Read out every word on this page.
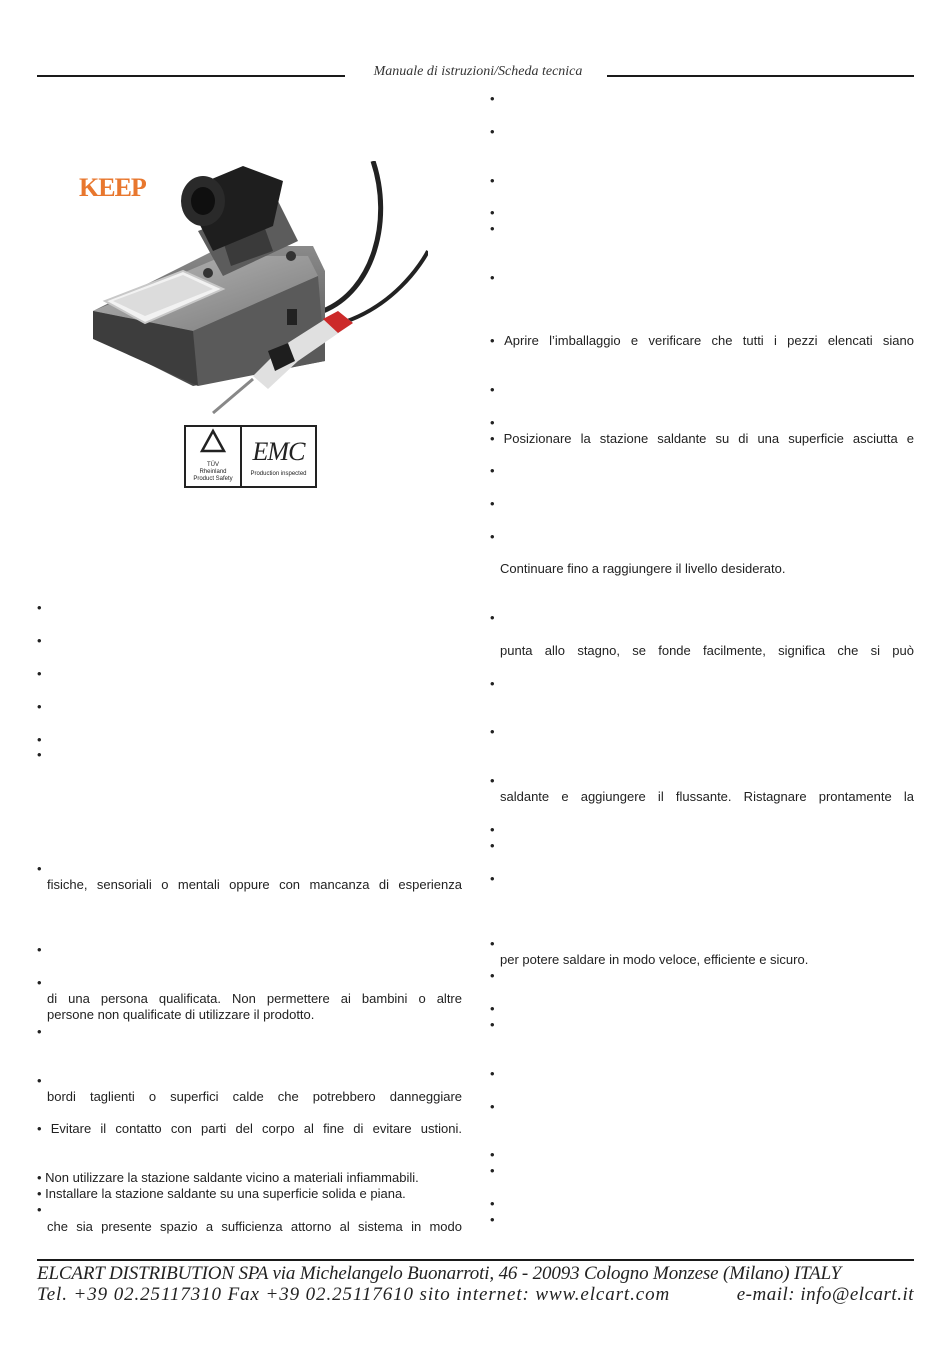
Manuale di istruzioni/Scheda tecnica
KEEP
TÜV
Rheinland
Product Safety
EMC
Production inspected
•
•
•
•
•
•
•
fisiche, sensoriali o mentali oppure con mancanza di esperienza
•
•
di una persona qualificata. Non permettere ai bambini o altre
persone non qualificate di utilizzare il prodotto.
•
•
bordi taglienti o superfici calde che potrebbero danneggiare
• Evitare il contatto con parti del corpo al fine di evitare ustioni.
• Non utilizzare la stazione saldante vicino a materiali infiammabili.
• Installare la stazione saldante su una superficie solida e piana.
•
che sia presente spazio a sufficienza attorno al sistema in modo
•
•
•
•
•
•
• Aprire l’imballaggio e verificare che tutti i pezzi elencati siano
•
•
• Posizionare la stazione saldante su di una superficie asciutta e
•
•
•
Continuare fino a raggiungere il livello desiderato.
•
punta allo stagno, se fonde facilmente, significa che si può
•
•
•
saldante e aggiungere il flussante. Ristagnare prontamente la
•
•
•
•
per potere saldare in modo veloce, efficiente e sicuro.
•
•
•
•
•
•
•
•
•
ELCART DISTRIBUTION SPA via Michelangelo Buonarroti, 46 - 20093 Cologno Monzese (Milano) ITALY
Tel. +39 02.25117310 Fax +39 02.25117610 sito internet: www.elcart.com	e-mail: info@elcart.it
